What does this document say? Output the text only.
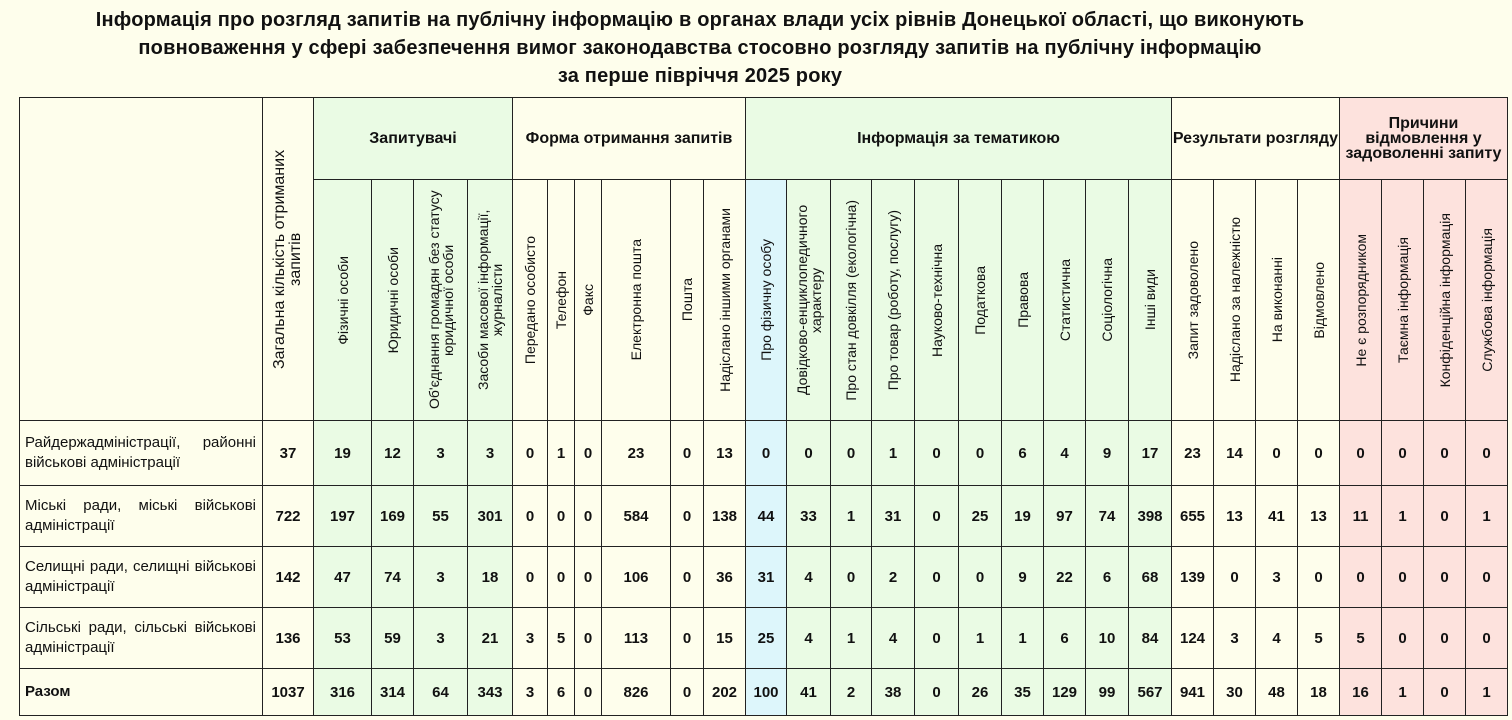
Інформація про розгляд запитів на публічну інформацію в органах влади усіх рівнів Донецької області, що виконують
повноваження у сфері забезпечення вимог законодавства стосовно розгляду запитів на публічну інформацію
за перше півріччя 2025 року

	Загальна кількість отриманих запитів	Запитувачі				Форма отримання запитів						Інформація за тематикою										Результати розгляду				Причини відмовлення у задоволенні запиту			

		Фізичні особи	Юридичні особи	Об'єднання громадян без статусу юридичної особи	Засоби масової інформації, журналісти	Передано особисто	Телефон	Факс	Електронна пошта	Пошта	Надіслано іншими органами	Про фізичну особу	Довідково-енциклопедичного характеру	Про стан довкілля (екологічна)	Про товар (роботу, послугу)	Науково-технічна	Податкова	Правова	Статистична	Соціологічна	Інші види	Запит задоволено	Надіслано за належністю	На виконанні	Відмовлено	Не є розпорядником	Таємна інформація	Конфіденційна інформація	Службова інформація

Райдержадміністрації, районні військові адміністрації	37	19	12	3	3	0	1	0	23	0	13	0	0	0	1	0	0	6	4	9	17	23	14	0	0	0	0	0	0
Міські ради, міські військові адміністрації	722	197	169	55	301	0	0	0	584	0	138	44	33	1	31	0	25	19	97	74	398	655	13	41	13	11	1	0	1
Селищні ради, селищні військові адміністрації	142	47	74	3	18	0	0	0	106	0	36	31	4	0	2	0	0	9	22	6	68	139	0	3	0	0	0	0	0
Сільські ради, сільські військові адміністрації	136	53	59	3	21	3	5	0	113	0	15	25	4	1	4	0	1	1	6	10	84	124	3	4	5	5	0	0	0
Разом	1037	316	314	64	343	3	6	0	826	0	202	100	41	2	38	0	26	35	129	99	567	941	30	48	18	16	1	0	1
